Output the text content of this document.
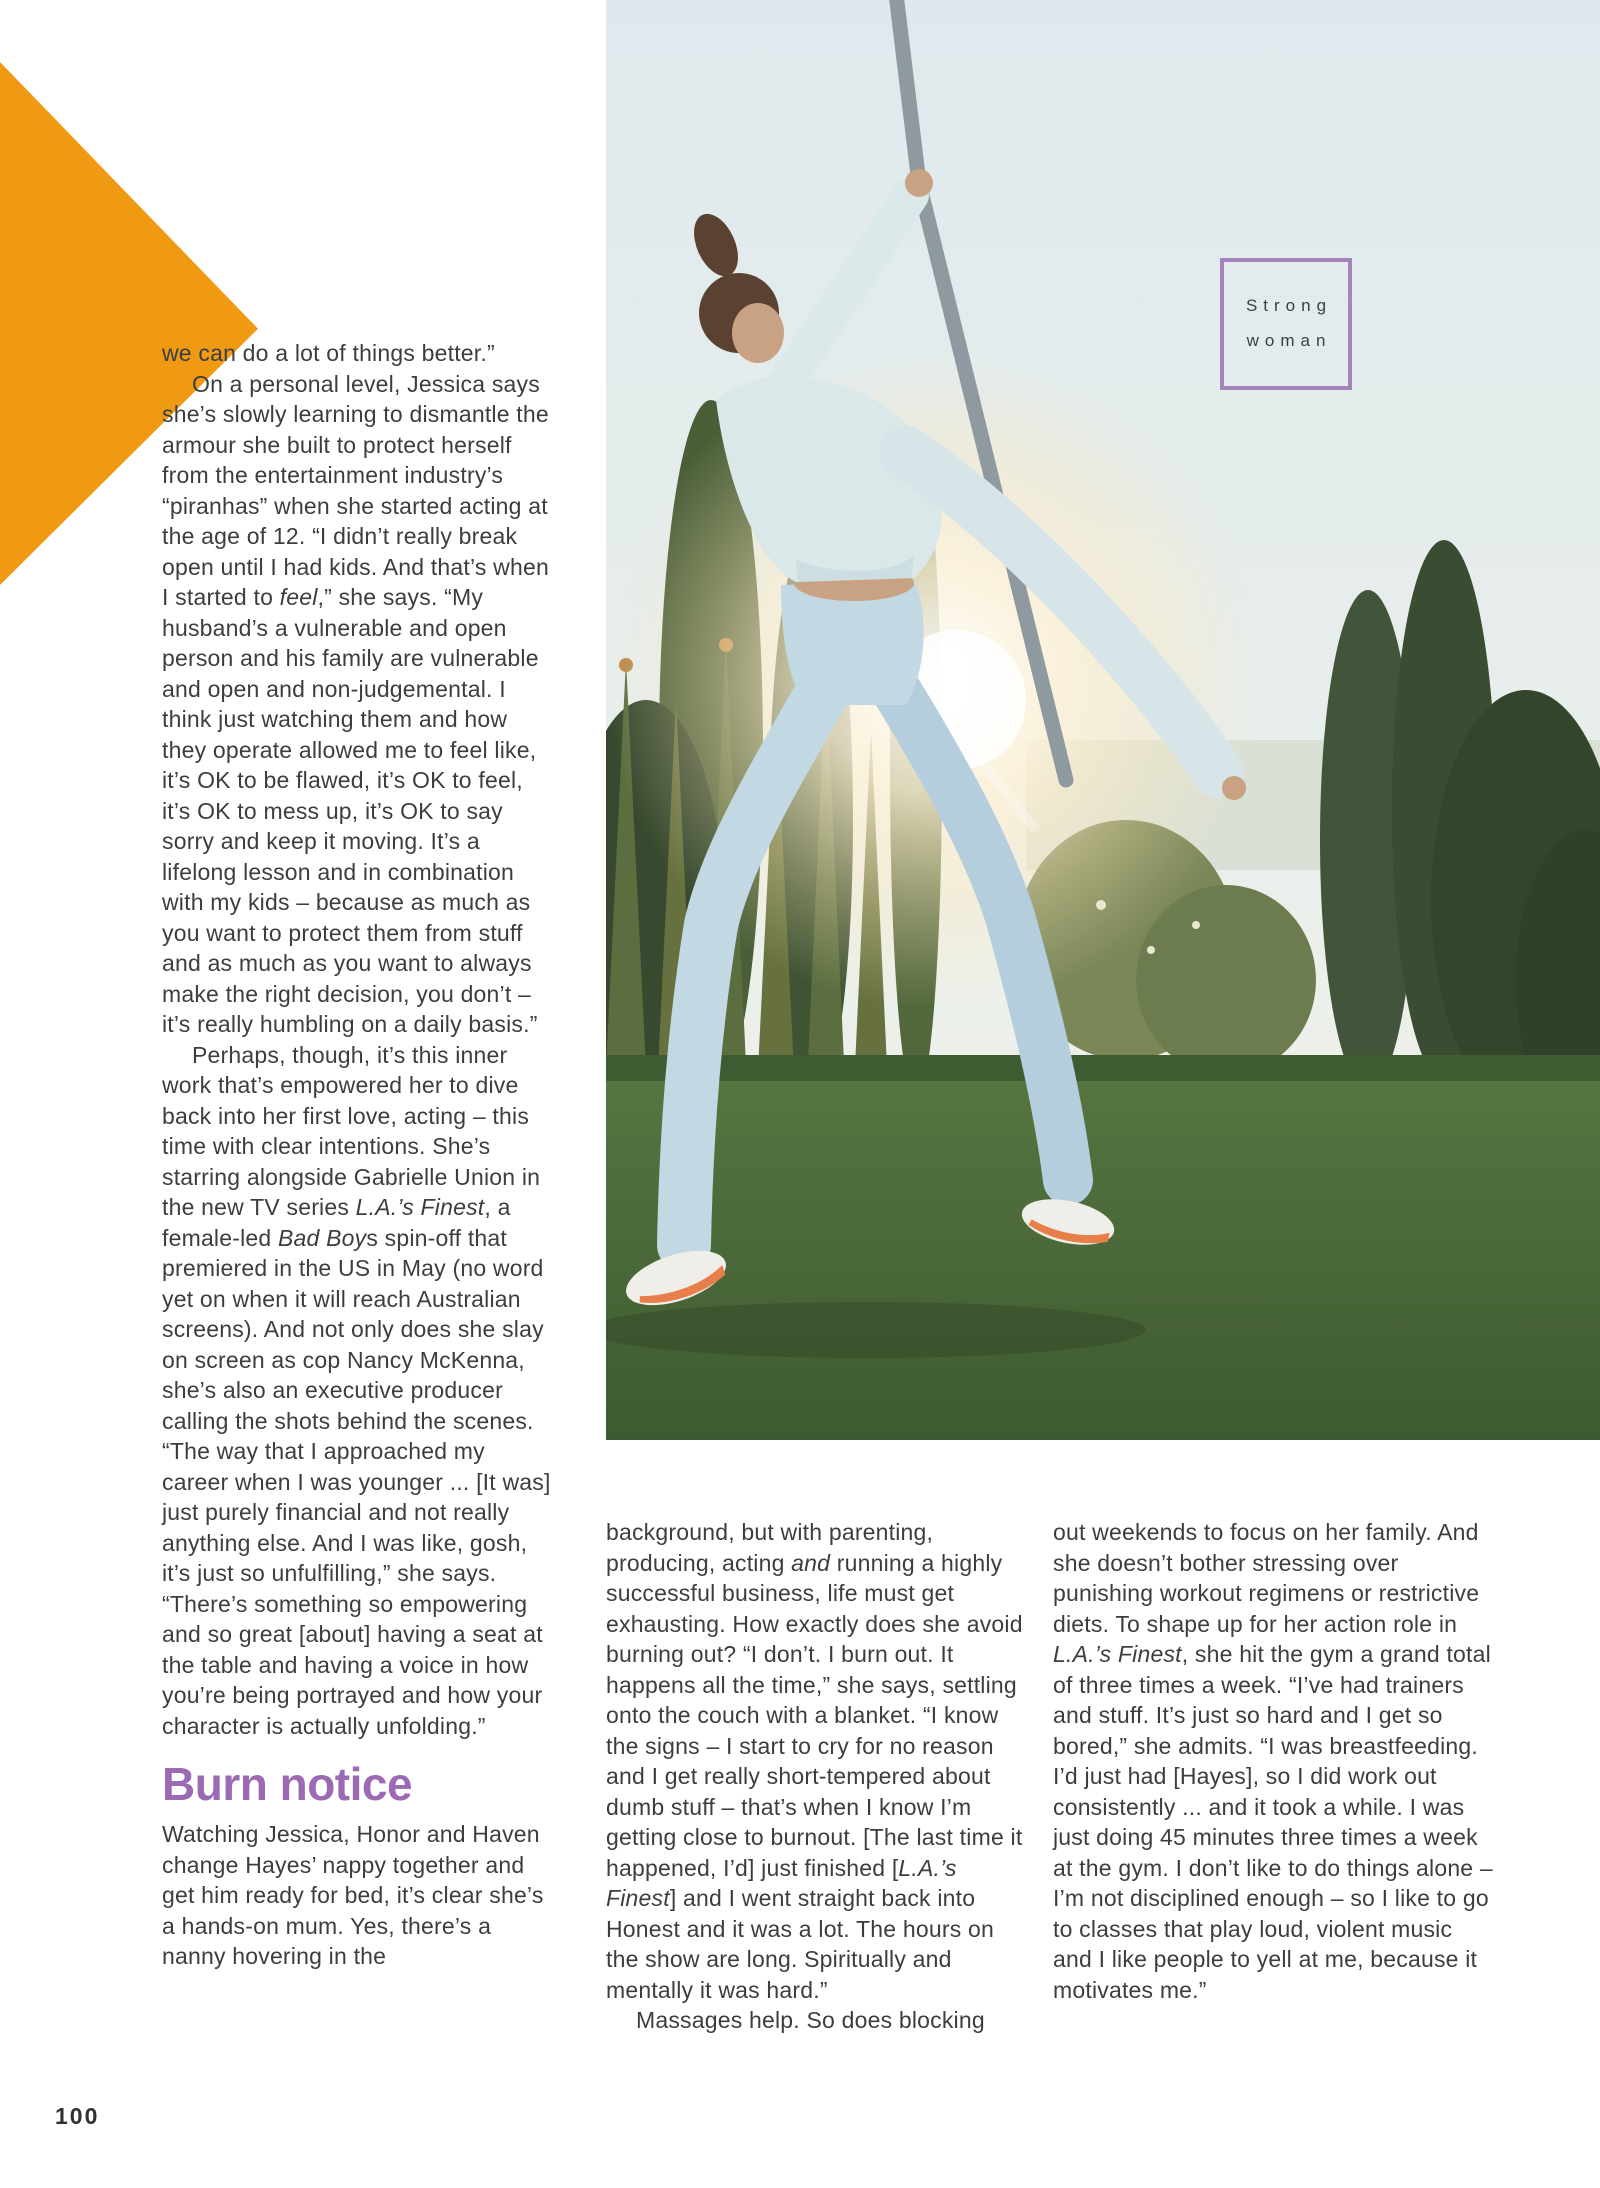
Strong
woman

we can do a lot of things better.”

On a personal level, Jessica says she’s slowly learning to dismantle the armour she built to protect herself from the entertainment industry’s “piranhas” when she started acting at the age of 12. “I didn’t really break open until I had kids. And that’s when I started to feel,” she says. “My husband’s a vulnerable and open person and his family are vulnerable and open and non-judgemental. I think just watching them and how they operate allowed me to feel like, it’s OK to be flawed, it’s OK to feel, it’s OK to mess up, it’s OK to say sorry and keep it moving. It’s a lifelong lesson and in combination with my kids – because as much as you want to protect them from stuff and as much as you want to always make the right decision, you don’t – it’s really humbling on a daily basis.”

Perhaps, though, it’s this inner work that’s empowered her to dive back into her first love, acting – this time with clear intentions. She’s starring alongside Gabrielle Union in the new TV series L.A.’s Finest, a female-led Bad Boys spin-off that premiered in the US in May (no word yet on when it will reach Australian screens). And not only does she slay on screen as cop Nancy McKenna, she’s also an executive producer calling the shots behind the scenes. “The way that I approached my career when I was younger ... [It was] just purely financial and not really anything else. And I was like, gosh, it’s just so unfulfilling,” she says. “There’s something so empowering and so great [about] having a seat at the table and having a voice in how you’re being portrayed and how your character is actually unfolding.”

Burn notice

Watching Jessica, Honor and Haven change Hayes’ nappy together and get him ready for bed, it’s clear she’s a hands-on mum. Yes, there’s a nanny hovering in the

background, but with parenting, producing, acting and running a highly successful business, life must get exhausting. How exactly does she avoid burning out? “I don’t. I burn out. It happens all the time,” she says, settling onto the couch with a blanket. “I know the signs – I start to cry for no reason and I get really short-tempered about dumb stuff – that’s when I know I’m getting close to burnout. [The last time it happened, I’d] just finished [L.A.’s Finest] and I went straight back into Honest and it was a lot. The hours on the show are long. Spiritually and mentally it was hard.”

Massages help. So does blocking

out weekends to focus on her family. And she doesn’t bother stressing over punishing workout regimens or restrictive diets. To shape up for her action role in L.A.’s Finest, she hit the gym a grand total of three times a week. “I’ve had trainers and stuff. It’s just so hard and I get so bored,” she admits. “I was breastfeeding. I’d just had [Hayes], so I did work out consistently ... and it took a while. I was just doing 45 minutes three times a week at the gym. I don’t like to do things alone – I’m not disciplined enough – so I like to go to classes that play loud, violent music and I like people to yell at me, because it motivates me.”

100
